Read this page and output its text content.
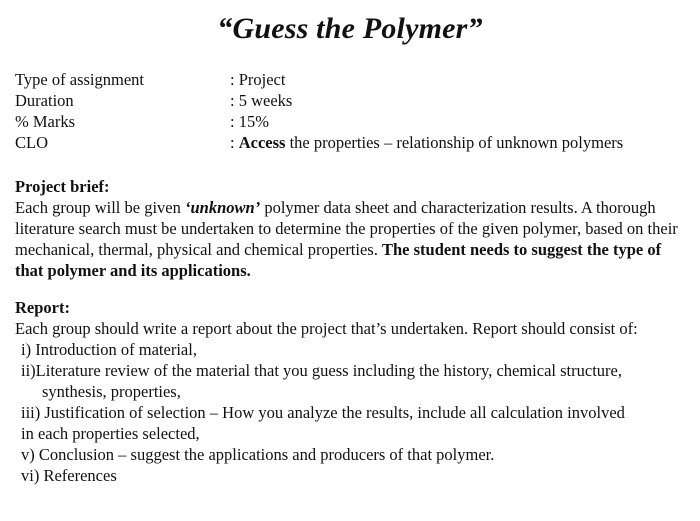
“Guess the Polymer”
Type of assignment	: Project
Duration	: 5 weeks
% Marks	: 15%
CLO	: Access the properties – relationship of unknown polymers
Project brief:
Each group will be given ‘unknown’ polymer data sheet and characterization results. A thorough literature search must be undertaken to determine the properties of the given polymer, based on their mechanical, thermal, physical and chemical properties. The student needs to suggest the type of that polymer and its applications.
Report:
Each group should write a report about the project that’s undertaken. Report should consist of:
i) Introduction of material,
ii)Literature review of the material that you guess including the history, chemical structure,
synthesis, properties,
iii) Justification of selection – How you analyze the results, include all calculation involved
in each properties selected,
v) Conclusion – suggest the applications and producers of that polymer.
vi) References
